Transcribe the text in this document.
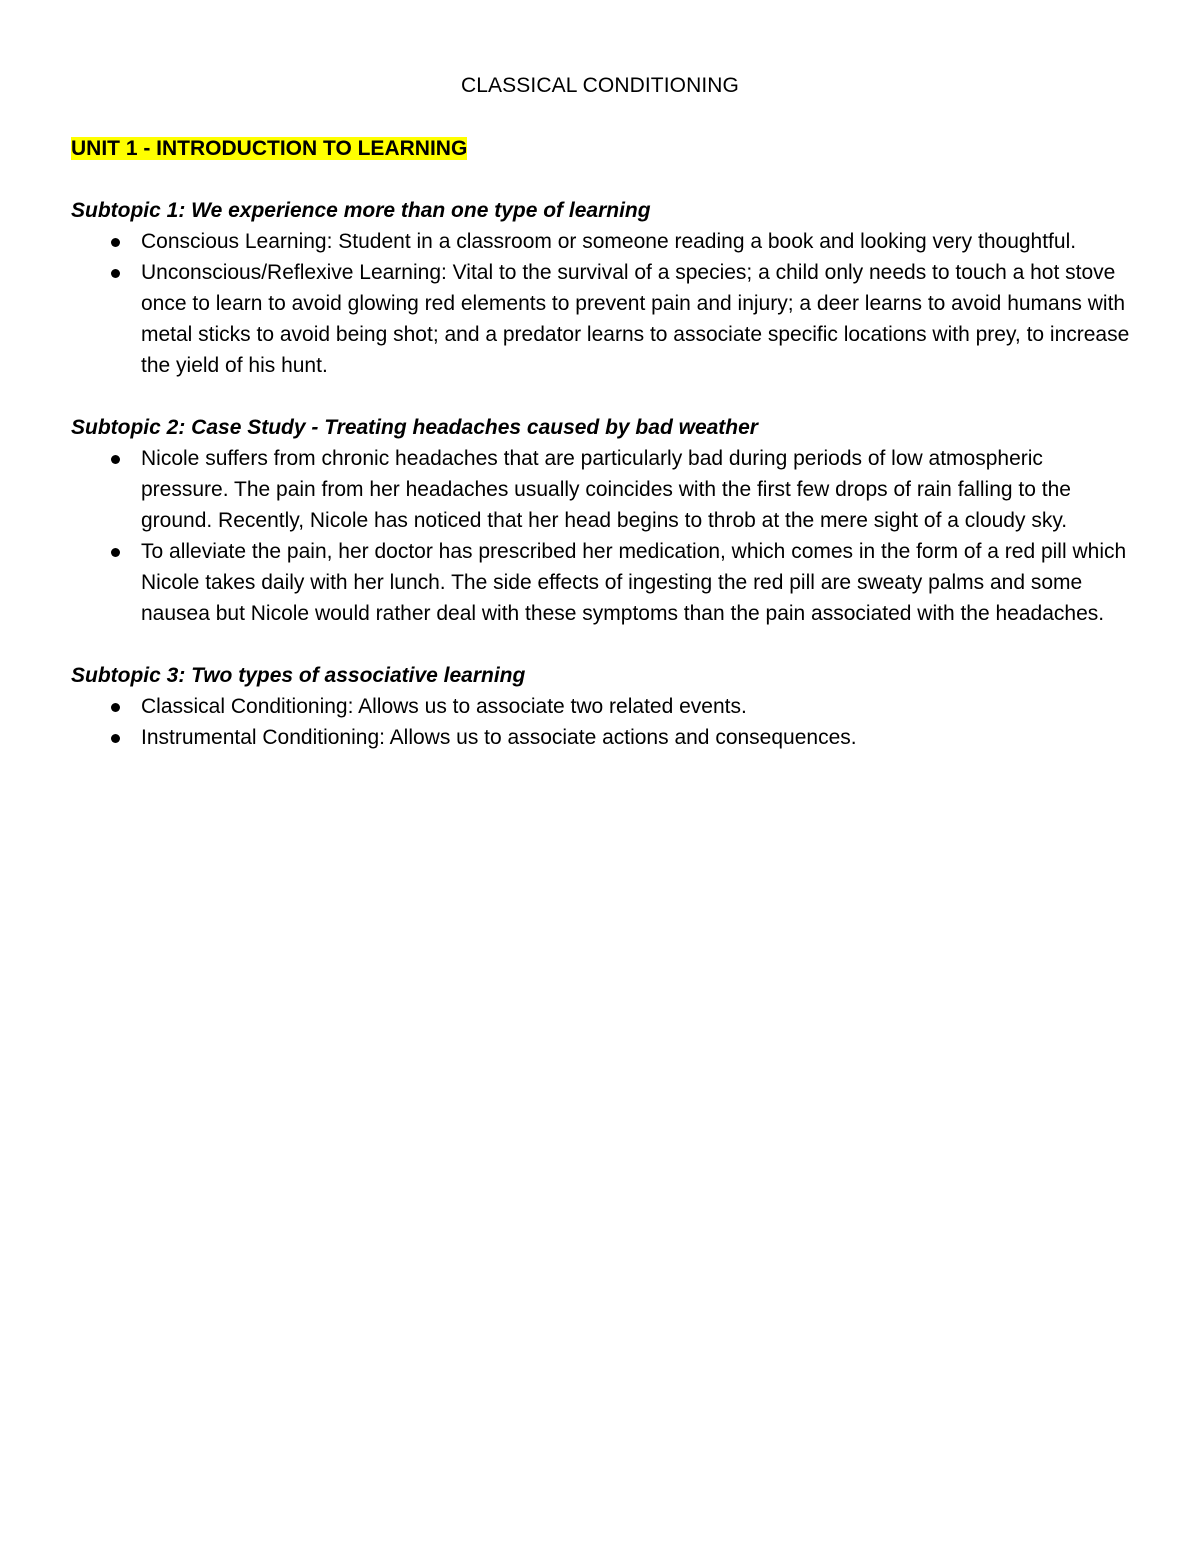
CLASSICAL CONDITIONING

UNIT 1 - INTRODUCTION TO LEARNING

Subtopic 1: We experience more than one type of learning

Conscious Learning: Student in a classroom or someone reading a book and looking very thoughtful.
Unconscious/Reflexive Learning: Vital to the survival of a species; a child only needs to touch a hot stove once to learn to avoid glowing red elements to prevent pain and injury; a deer learns to avoid humans with metal sticks to avoid being shot; and a predator learns to associate specific locations with prey, to increase the yield of his hunt.

Subtopic 2: Case Study - Treating headaches caused by bad weather

Nicole suffers from chronic headaches that are particularly bad during periods of low atmospheric pressure. The pain from her headaches usually coincides with the first few drops of rain falling to the ground. Recently, Nicole has noticed that her head begins to throb at the mere sight of a cloudy sky.
To alleviate the pain, her doctor has prescribed her medication, which comes in the form of a red pill which Nicole takes daily with her lunch. The side effects of ingesting the red pill are sweaty palms and some nausea but Nicole would rather deal with these symptoms than the pain associated with the headaches.

Subtopic 3: Two types of associative learning

Classical Conditioning: Allows us to associate two related events.
Instrumental Conditioning: Allows us to associate actions and consequences.
